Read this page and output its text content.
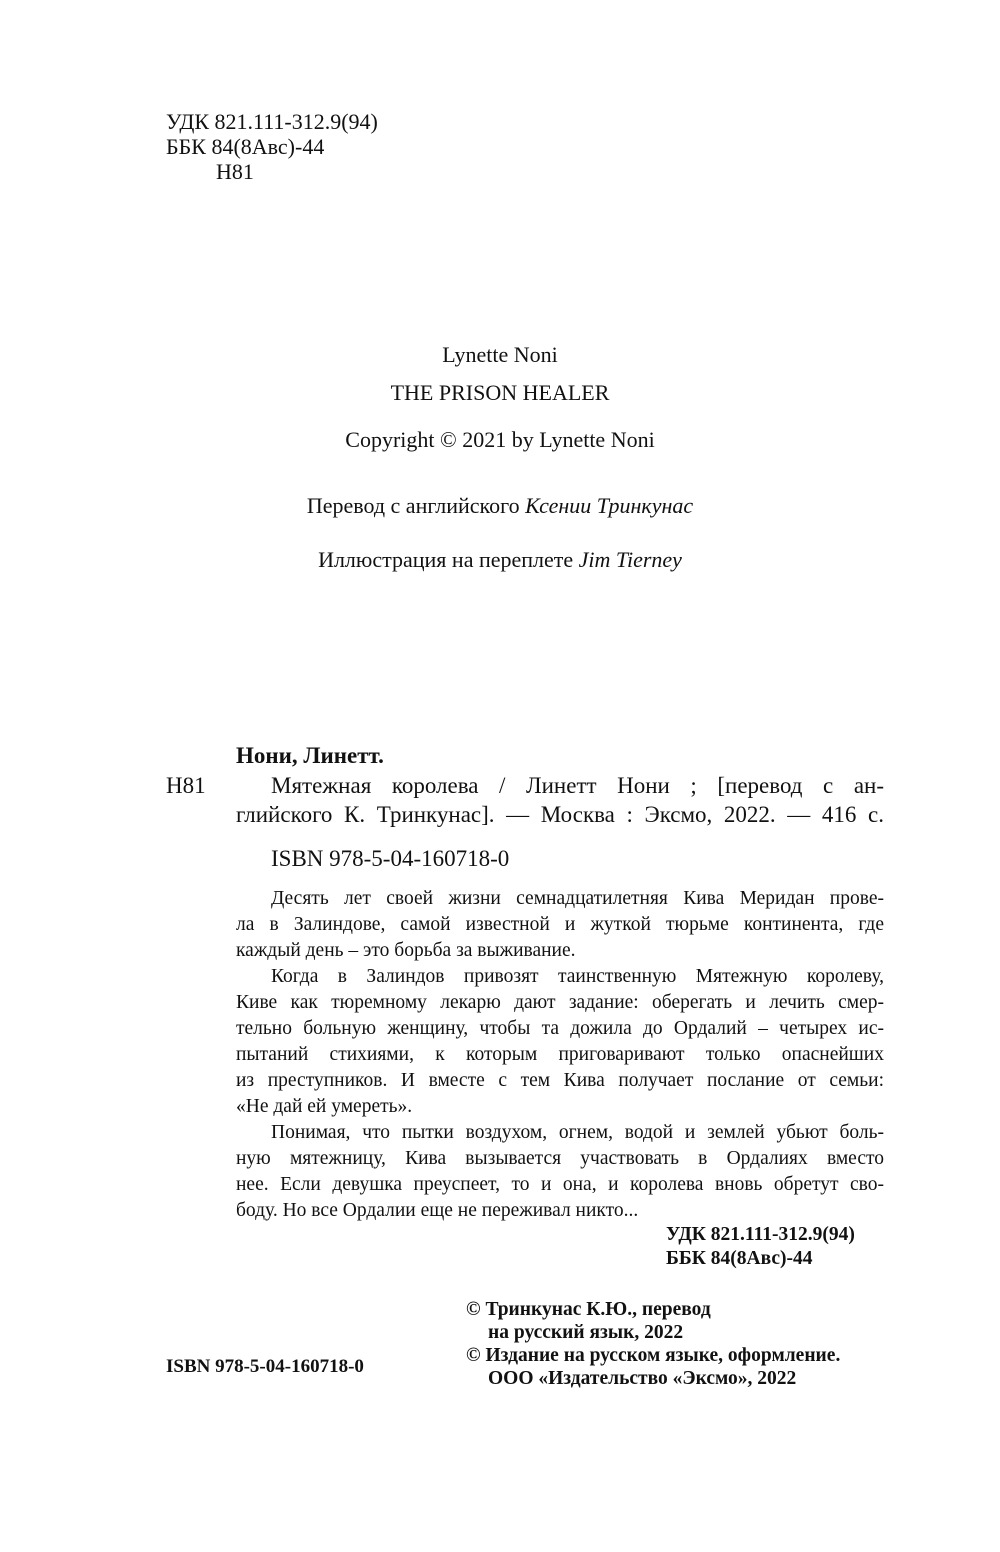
УДК 821.111-312.9(94)
ББК 84(8Авс)-44
Н81
Lynette Noni
THE PRISON HEALER
Copyright © 2021 by Lynette Noni
Перевод с английского Ксении Тринкунас
Иллюстрация на переплете Jim Tierney
Нони, Линетт.
Н81	Мятежная королева / Линетт Нони ; [перевод с ан-
глийского К. Тринкунас]. — Москва : Эксмо, 2022. — 416 с.
ISBN 978-5-04-160718-0

Десять лет своей жизни семнадцатилетняя Кива Меридан прове-
ла в Залиндове, самой известной и жуткой тюрьме континента, где
каждый день – это борьба за выживание.

Когда в Залиндов привозят таинственную Мятежную королеву,
Киве как тюремному лекарю дают задание: оберегать и лечить смер-
тельно больную женщину, чтобы та дожила до Ордалий – четырех ис-
пытаний стихиями, к которым приговаривают только опаснейших
из преступников. И вместе с тем Кива получает послание от семьи:
«Не дай ей умереть».

Понимая, что пытки воздухом, огнем, водой и землей убьют боль-
ную мятежницу, Кива вызывается участвовать в Ордалиях вместо
нее. Если девушка преуспеет, то и она, и королева вновь обретут сво-
боду. Но все Ордалии еще не переживал никто...

УДК 821.111-312.9(94)
ББК 84(8Авс)-44
ISBN 978-5-04-160718-0
© Тринкунас К.Ю., перевод
на русский язык, 2022
© Издание на русском языке, оформление.
ООО «Издательство «Эксмо», 2022
